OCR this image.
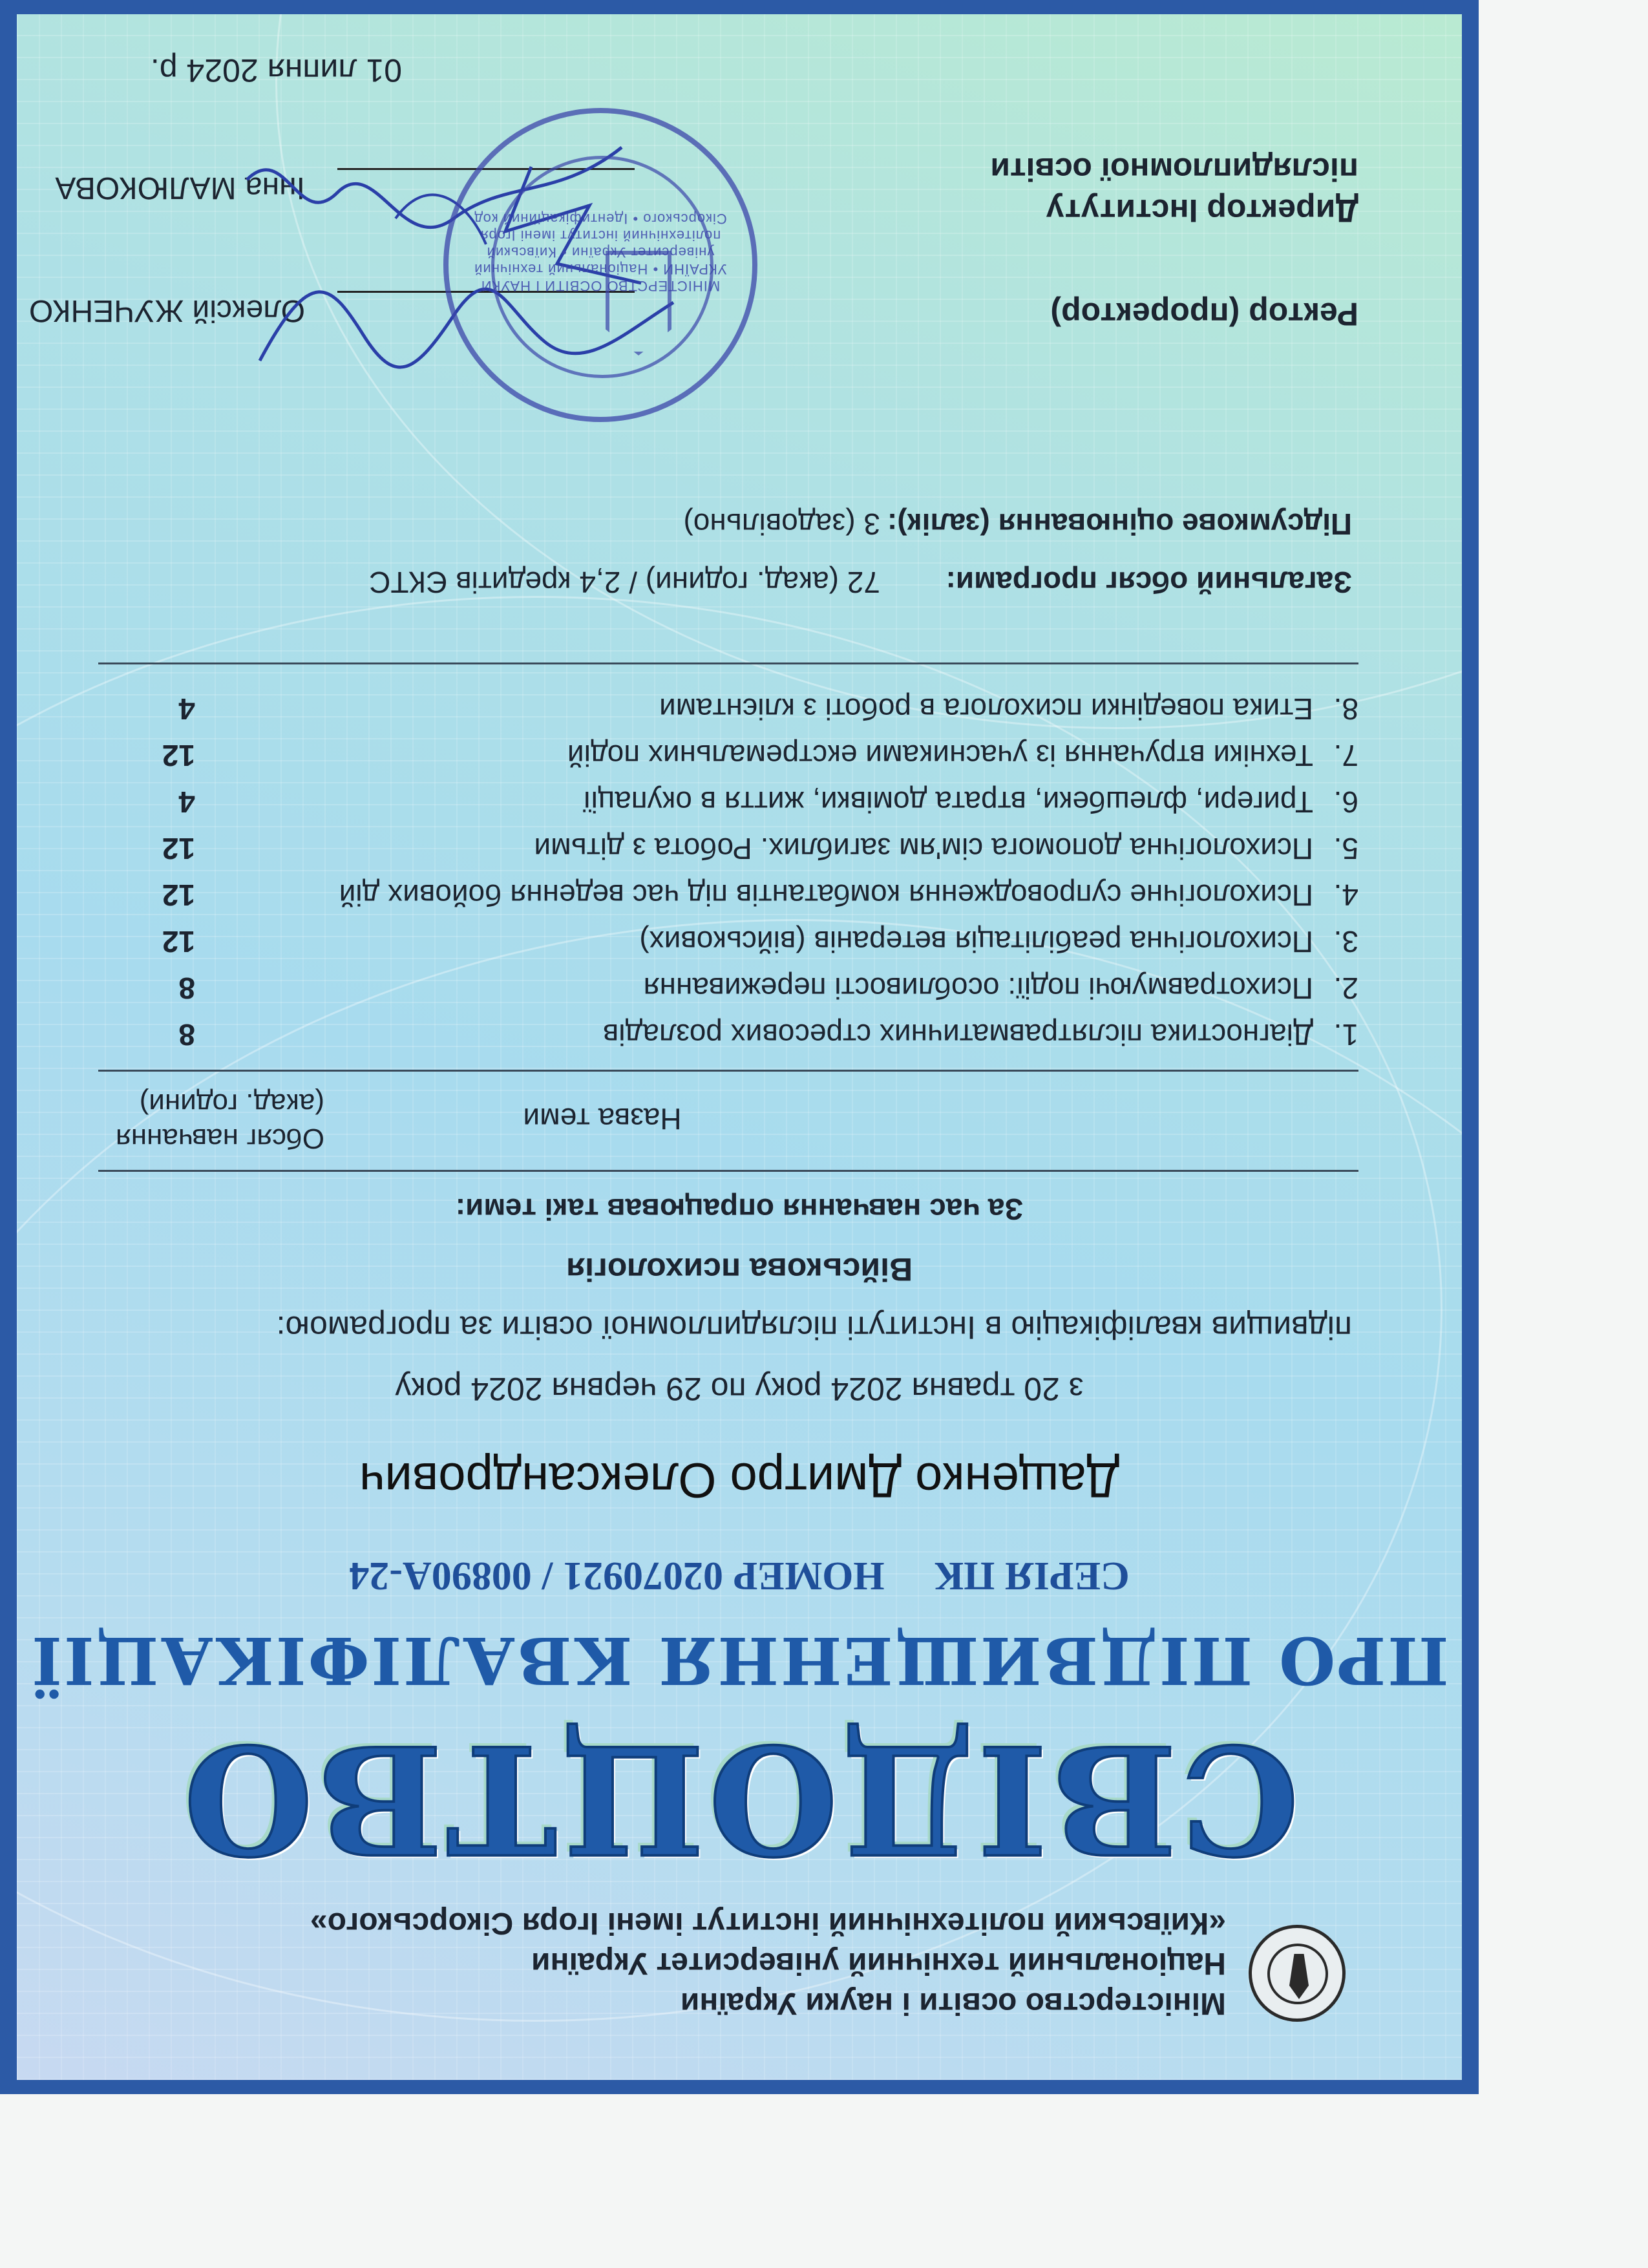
Міністерство освіти і науки України
Національний технічний університет України
«Київський політехнічний інститут імені Ігоря Сікорського»
СВІДОЦТВО
ПРО ПІДВИЩЕННЯ КВАЛІФІКАЦІЇ
СЕРІЯ ПК     НОМЕР 02070921 / 00890А-24
Дащенко Дмитро Олександрович
з 20 травня 2024 року по 29 червня 2024 року
підвищив кваліфікацію в Інституті післядипломної освіти за програмою:
Військова психологія
За час навчання опрацював такі теми:
Назва теми
Обсяг навчання
(акад. години)
1.
Діагностика післятравматичних стресових розладів
8
2.
Психотравмуючі події: особливості переживання
8
3.
Психологічна реабілітація ветеранів (військових)
12
4.
Психологічне супроводження комбатантів під час ведення бойових дій
12
5.
Психологічна допомога сім'ям загиблих. Робота з дітьми
12
6.
Тригери, флешбеки, втрата домівки, життя в окупації
4
7.
Техніки втручання із учасниками екстремальних подій
12
8.
Етика поведінки психолога в роботі з клієнтами
4
Загальний обсяг програми:
72 (акад. години) / 2,4 кредитів ЄКТС
Підсумкове оцінювання (залік):
3 (задовільно)
Ректор (проректор)
Олексій ЖУЧЕНКО
Директор Інституту
післядипломної освіти
Інна МАЛЮКОВА
МІНІСТЕРСТВО ОСВІТИ І НАУКИ УКРАЇНИ • Національний технічний університет України • Київський політехнічний інститут імені Ігоря Сікорського • Ідентифікаційний код
01 липня 2024 р.
